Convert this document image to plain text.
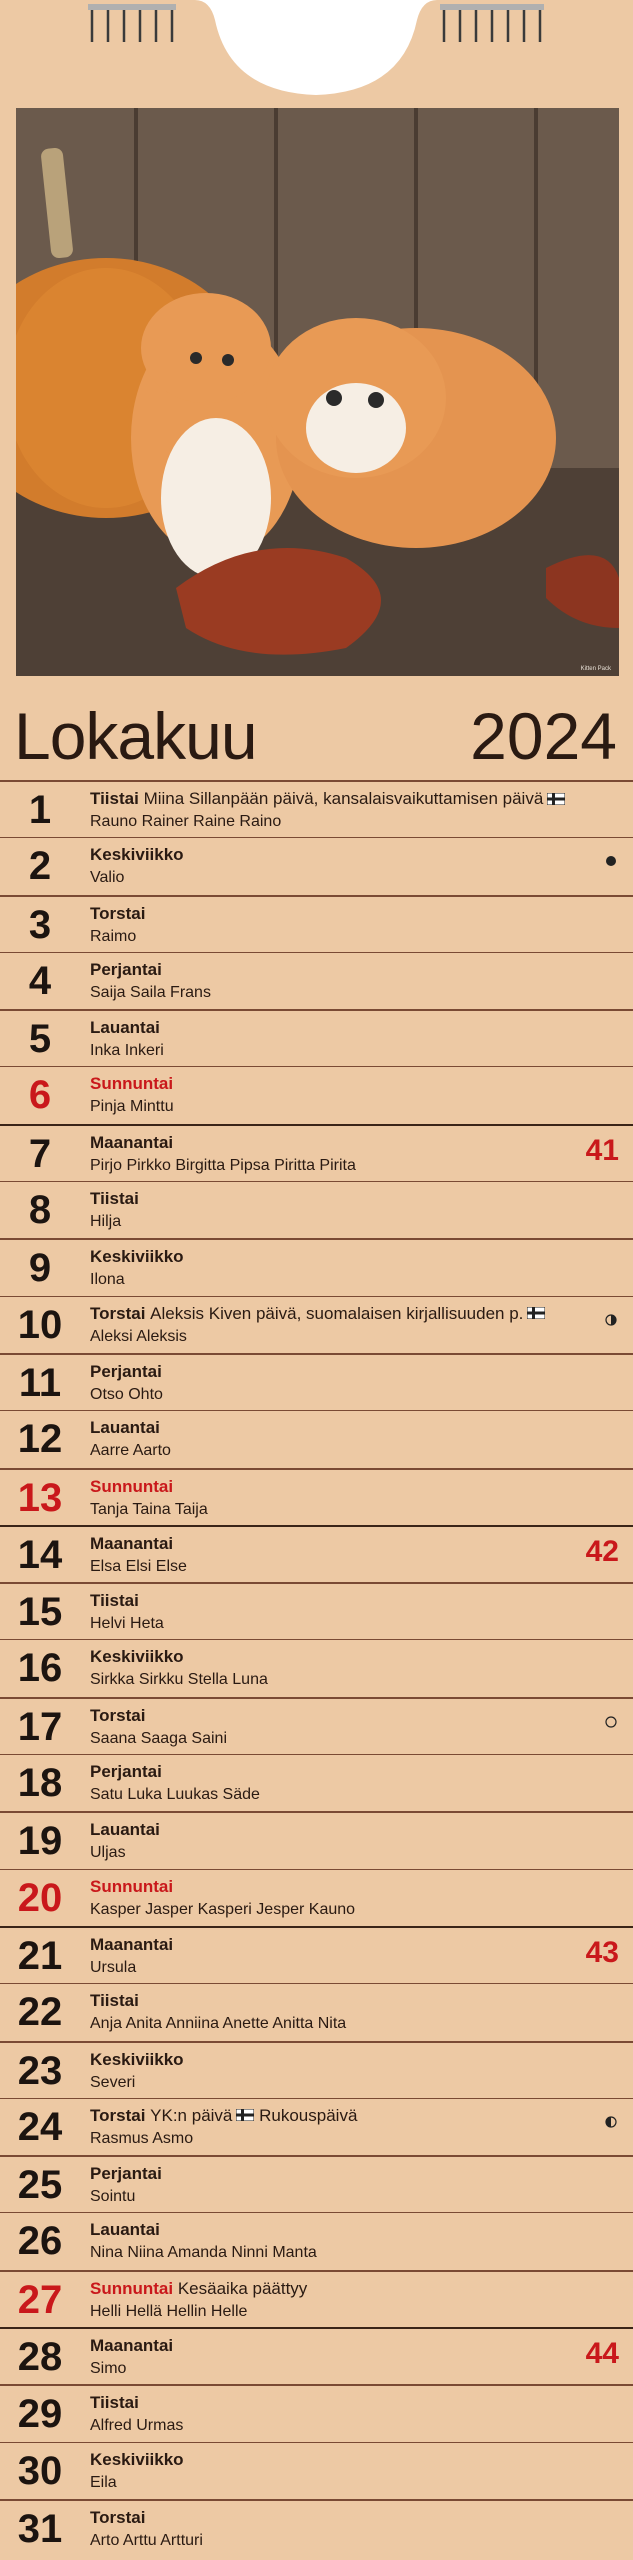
Kitten Pack
Lokakuu	2024
1	Tiistai Miina Sillanpään päivä, kansalaisvaikuttamisen päivä
Rauno Rainer Raine Raino
2	Keskiviikko
Valio
3	Torstai
Raimo
4	Perjantai
Saija Saila Frans
5	Lauantai
Inka Inkeri
6	Sunnuntai
Pinja Minttu
7	Maanantai
Pirjo Pirkko Birgitta Pipsa Piritta Pirita	41
8	Tiistai
Hilja
9	Keskiviikko
Ilona
10	Torstai Aleksis Kiven päivä, suomalaisen kirjallisuuden p.
Aleksi Aleksis
11	Perjantai
Otso Ohto
12	Lauantai
Aarre Aarto
13	Sunnuntai
Tanja Taina Taija
14	Maanantai
Elsa Elsi Else	42
15	Tiistai
Helvi Heta
16	Keskiviikko
Sirkka Sirkku Stella Luna
17	Torstai
Saana Saaga Saini
18	Perjantai
Satu Luka Luukas Säde
19	Lauantai
Uljas
20	Sunnuntai
Kasper Jasper Kasperi Jesper Kauno
21	Maanantai
Ursula	43
22	Tiistai
Anja Anita Anniina Anette Anitta Nita
23	Keskiviikko
Severi
24	Torstai YK:n päivä Rukouspäivä
Rasmus Asmo
25	Perjantai
Sointu
26	Lauantai
Nina Niina Amanda Ninni Manta
27	Sunnuntai Kesäaika päättyy
Helli Hellä Hellin Helle
28	Maanantai
Simo	44
29	Tiistai
Alfred Urmas
30	Keskiviikko
Eila
31	Torstai
Arto Arttu Artturi
